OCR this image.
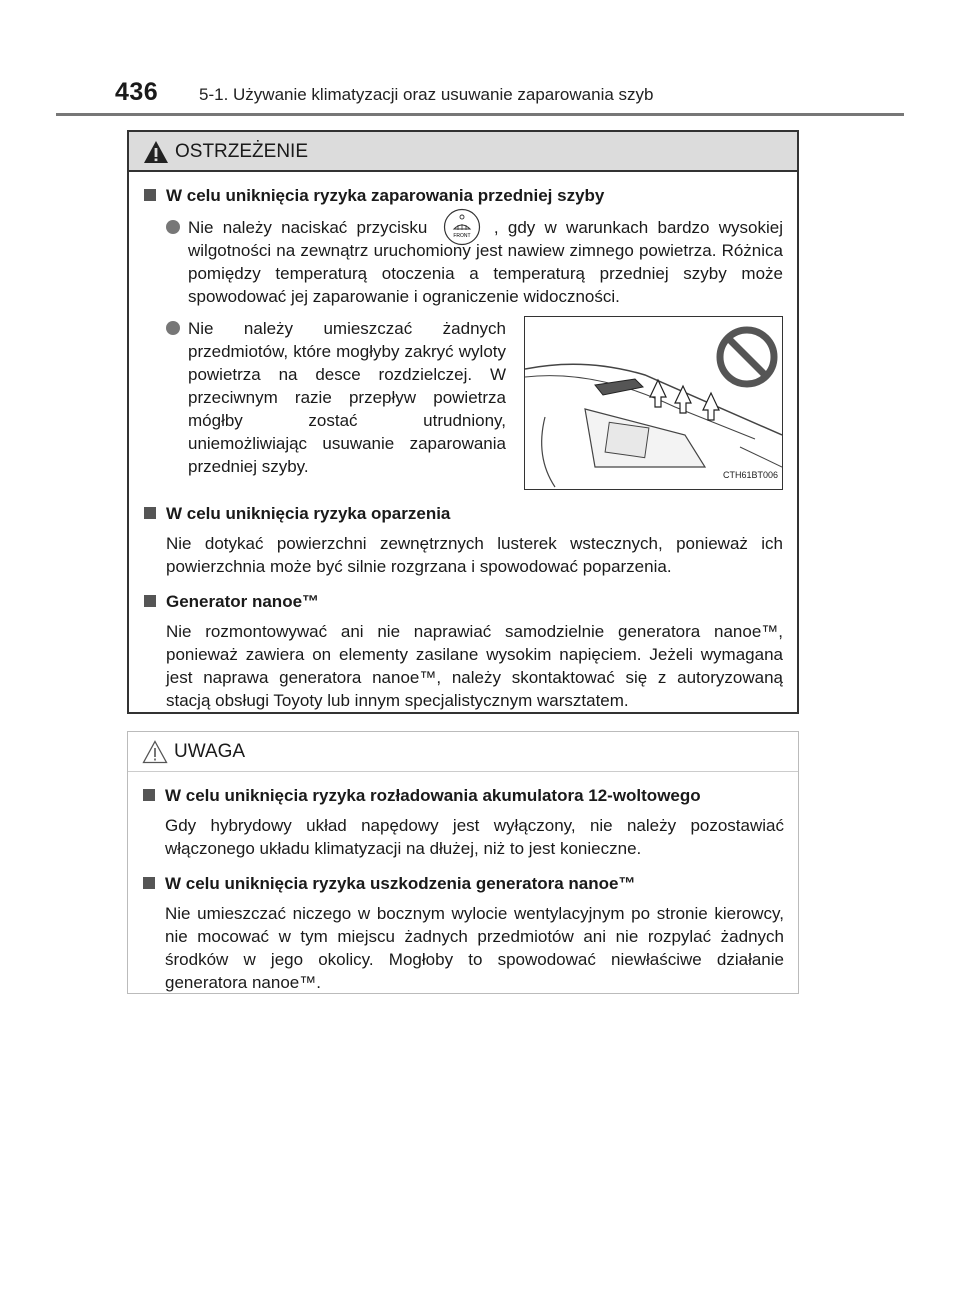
436 5-1. Używanie klimatyzacji oraz usuwanie zaparowania szyb
OSTRZEŻENIE
W celu uniknięcia ryzyka zaparowania przedniej szyby
Nie należy naciskać przycisku	FRONT , gdy w warunkach bardzo wysokiej wilgotności na zewnątrz uruchomiony jest nawiew zimnego powietrza. Różnica pomiędzy temperaturą otoczenia a temperaturą przedniej szyby może spowodować jej zaparowanie i ograniczenie widoczności.
Nie należy umieszczać żadnych przedmiotów, które mogłyby zakryć wyloty powietrza na desce rozdzielczej. W przeciwnym razie przepływ powietrza mógłby zostać utrudniony, uniemożliwiając usuwanie zaparowania przedniej szyby.	CTH61BT006
W celu uniknięcia ryzyka oparzenia
Nie dotykać powierzchni zewnętrznych lusterek wstecznych, ponieważ ich powierzchnia może być silnie rozgrzana i spowodować poparzenia.
Generator nanoe™
Nie rozmontowywać ani nie naprawiać samodzielnie generatora nanoe™, ponieważ zawiera on elementy zasilane wysokim napięciem. Jeżeli wymagana jest naprawa generatora nanoe™, należy skontaktować się z autoryzowaną stacją obsługi Toyoty lub innym specjalistycznym warsztatem.
UWAGA
W celu uniknięcia ryzyka rozładowania akumulatora 12-woltowego
Gdy hybrydowy układ napędowy jest wyłączony, nie należy pozostawiać włączonego układu klimatyzacji na dłużej, niż to jest konieczne.
W celu uniknięcia ryzyka uszkodzenia generatora nanoe™
Nie umieszczać niczego w bocznym wylocie wentylacyjnym po stronie kierowcy, nie mocować w tym miejscu żadnych przedmiotów ani nie rozpylać żadnych środków w jego okolicy. Mogłoby to spowodować niewłaściwe działanie generatora nanoe™.
